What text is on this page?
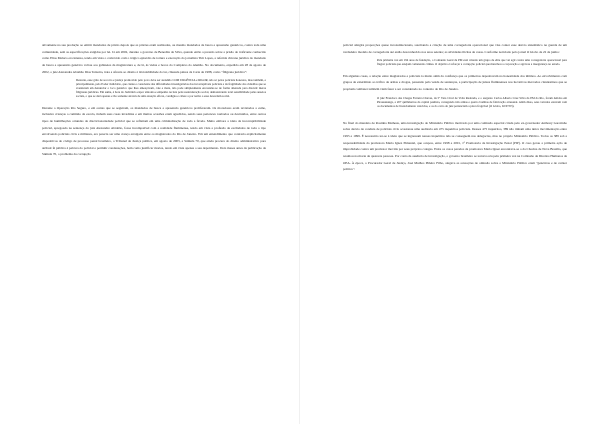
ativamente na sua produção ao emitir mandados de prisão depois que as prisões eram realizadas, ou mesmo mandados de busca e apreensão genéricos, contra toda uma comunidade, sem as especificações exigidas por lei. Já em 2002, durante o governo de Benedita da Silva, quando então a pressão sobre a prisão do traficante conhecido como Elias Maluco era intensa, tendo em vista o comovido com o trágico episódio de tortura e execução do jornalista Tim Lopes, a referida chicana jurídica do mandado de busca e apreensão genérico voltou aos gabinetes da magistratura e, de lá, às vielas e becos do Complexo do Alemão. No documento, expedido em 28 de agosto de 2002, o juiz Alexandre Abrahão Dias Teixeira, trata a afronta ao direito à inviolabilidade do lar, cláusula pétrea da Carta de 1988, como "filigrana jurídica":

Destarte, esse grito de socorro e justiça promovido pelo povo deve ser atendido COM URGÊNCIA e RIGOR, não só pelos policiais honestos, mas também, e principalmente, pelo Poder Judiciário, que ciente e consciente das dificuldades investigatórias dos incorruptíveis policiais e da fragilidade dos cidadãos que se aventuram em denunciar o loco genérico que lhes ameaçavam, cale e mata, não pode simplesmente encastelar-se de forma alienada para discutir meras filigranas jurídicas. Em suma, é hora do Judiciário expor sintonia e empenho na luta pela reestruturação social, demonstrando total sensibilidade pelas anseios sociais, o que se dará apenas e tão somente através de uma atuação eficaz, condigna e célere a por termo a essa desordem social.

Durante a Operação Rio Seguro, e em outras que se seguiram, os mandados de busca e apreensão genéricos proliferaram. Os moradores eram revistados a esmo, inclusive crianças a caminho da escola, tinham suas casas invadidas e em muitas ocasiões eram agredidos, sendo seus pertences roubados ou destruídos, entre outros tipos de humilhações oriundas da discricionariedade policial que se refletiam em uma criminalização de toda a favela. Muito embora a ideia da incorruptibilidade policial, apregoada na sentença do juiz Alexandre Abrahão, fosse incompatível com a realidade fluminense, tendo em vista a profusão de escândalos de toda o tipo envolvendo policiais civis e militares, era parecia ser uma crença arraigada entre os magistrados do Rio de Janeiro. Em um entendimento que contraria explicitamente dispositivos do código de processo penal brasileiro, o Tribunal de Justiça publica, em agosto de 2003, a Súmula 70, que ainda procura do direito administrativo para atribuir fé pública à palavra do policial e permitir condenações, bem como justificar mortes, tendo em vista apenas o seu depoimento. Dois meses antes da publicação da Súmula 70, o problema da corrupção

policial atingira proporções quase inconstitucionais, suscitando a criação de uma corregedoria operacional que visa conter esse desvio sistemático na guarda de um verdadeiro modelo de corregedoria até então desconhecido nos anos setenta; as atividades ilícitas de casas. Conforme noticiado pelo jornal O Globo de 22 de junho:

Pela primeira vez em 194 anos de fundação, o Comando Geral da PM está criando um grupo de elite que vai agir contra uma corregedoria operacional para flagrar policiais que estejam cometendo crimes. O objetivo é reforçar a corrupção policial que manchou a corporação e agravou a insegurança no estado.

Em algumas casas, a relação entre magistrados e policiais ia muito além da confiança que os primeiros depositavam na honestidade dos últimos. Ao envolvimento com grupos de extermínio ao tráfico de armas e drogas, passando pela venda de sentenças, a participação de juízes fluminenses nos lucrativos mercados clandestinos que se propõem combater também viam fazer a ser considerado no contexto do Rio de Janeiro.

O juiz Francisco das Chagas Ferreira Chaves, da 5ª Vara Cível de Volta Redonda, e o sargento Carlos Alberto Cruz Silva da PM do Rio, foram detidos em Pirassununga, a 207 quilômetros da capital paulista, carregando três armas e quatro bombas de fabricação artesanal. Além disso, seus veículos estavam com os documentos de licenciamento vencidos, e os do carro do juiz pertenciam a placa fragrável (O Globo, 02/07/03).

No final do mandato de Rosinha Matheus, uma investigação do Ministério Público motivado por uma comissão especial criada pelo ex-governador Anthony Garotinho sobre desvio de conduta de policiais civis ocasionou uma auditoria em 475 inquéritos policiais. Desses 475 inquéritos, 389 não tinham uma única movimentação entre 1995 e 1999. É necessário ter-se à ideia que se ingressam nesses inquéritos não se conseguem nas delegacias, mas no próprio Ministério Público. Todos os 389 sob a responsabilidade da promotora Maria Ignez Pimentel, que ocupou, entre 1998 e 2001, 1ª Promotoria de Investigação Penal (PIP). O caso gerou a primeira ação de improbidade contra um promotor movida por seus próprios colegas. Entre os casos parados da promotora Maria Ignez encontrava-se o da Chacina de Nova Brasília, que resultou na morte de quatorze pessoas. Por conta da ausência de investigação, o governo brasileiro se tornava réu pela primeira vez na Comissão de Direitos Humanos da OEA. À época, o Procurador Geral de Justiça, José Muiños Piñeiro Filho, alegava as acusações de omissão sobre o Ministério Público eram "genéricas e de caráter político".
